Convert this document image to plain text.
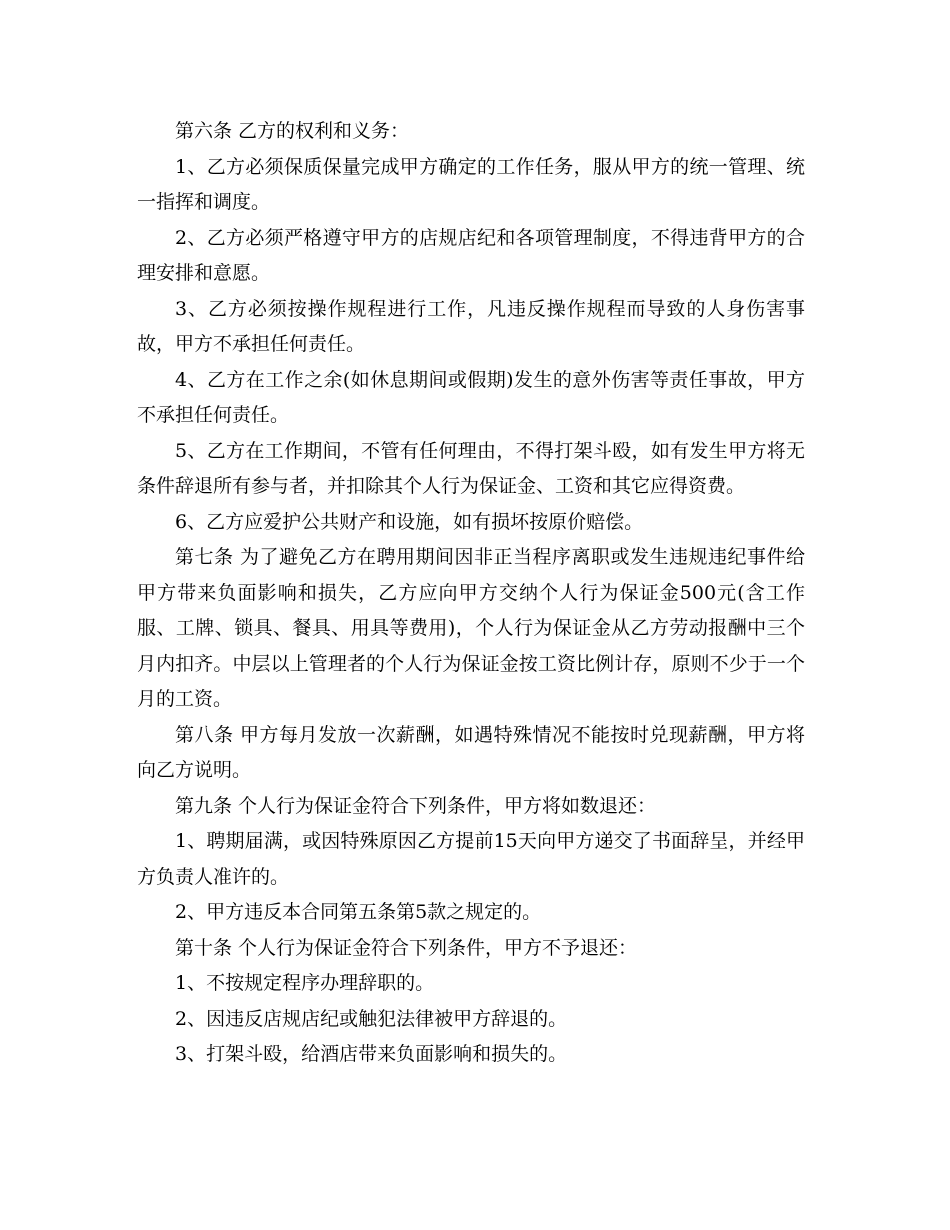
第六条 乙方的权利和义务：

1、乙方必须保质保量完成甲方确定的工作任务，服从甲方的统一管理、统一指挥和调度。

2、乙方必须严格遵守甲方的店规店纪和各项管理制度，不得违背甲方的合理安排和意愿。

3、乙方必须按操作规程进行工作，凡违反操作规程而导致的人身伤害事故，甲方不承担任何责任。

4、乙方在工作之余(如休息期间或假期)发生的意外伤害等责任事故，甲方不承担任何责任。

5、乙方在工作期间，不管有任何理由，不得打架斗殴，如有发生甲方将无条件辞退所有参与者，并扣除其个人行为保证金、工资和其它应得资费。

6、乙方应爱护公共财产和设施，如有损坏按原价赔偿。

第七条 为了避免乙方在聘用期间因非正当程序离职或发生违规违纪事件给甲方带来负面影响和损失，乙方应向甲方交纳个人行为保证金500元(含工作服、工牌、锁具、餐具、用具等费用)，个人行为保证金从乙方劳动报酬中三个月内扣齐。中层以上管理者的个人行为保证金按工资比例计存，原则不少于一个月的工资。

第八条 甲方每月发放一次薪酬，如遇特殊情况不能按时兑现薪酬，甲方将向乙方说明。

第九条 个人行为保证金符合下列条件，甲方将如数退还：

1、聘期届满，或因特殊原因乙方提前15天向甲方递交了书面辞呈，并经甲方负责人准许的。

2、甲方违反本合同第五条第5款之规定的。

第十条 个人行为保证金符合下列条件，甲方不予退还：

1、不按规定程序办理辞职的。

2、因违反店规店纪或触犯法律被甲方辞退的。

3、打架斗殴，给酒店带来负面影响和损失的。
